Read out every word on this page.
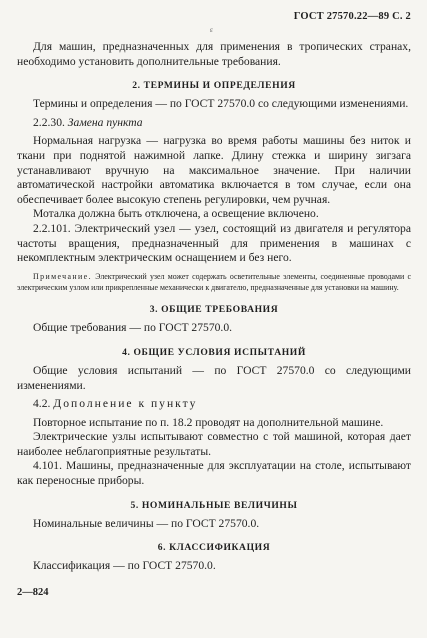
ГОСТ 27570.22—89 С. 2
ε

Для машин, предназначенных для применения в тропических странах, необходимо установить дополнительные требования.

2. ТЕРМИНЫ И ОПРЕДЕЛЕНИЯ

Термины и определения — по ГОСТ 27570.0 со следующими изменениями.

2.2.30. Замена пункта

Нормальная нагрузка — нагрузка во время работы машины без ниток и ткани при поднятой нажимной лапке. Длину стежка и ширину зигзага устанавливают вручную на максимальное значение. При наличии автоматической настройки автоматика включается в том случае, если она обеспечивает более высокую степень регулировки, чем ручная.

Моталка должна быть отключена, а освещение включено.

2.2.101. Электрический узел — узел, состоящий из двигателя и регулятора частоты вращения, предназначенный для применения в машинах с некомплектным электрическим оснащением и без него.

Примечание. Электрический узел может содержать осветительные элементы, соединенные проводами с электрическим узлом или прикрепленные механически к двигателю, предназначенные для установки на машину.
3. ОБЩИЕ ТРЕБОВАНИЯ

Общие требования — по ГОСТ 27570.0.

4. ОБЩИЕ УСЛОВИЯ ИСПЫТАНИЙ

Общие условия испытаний — по ГОСТ 27570.0 со следующими изменениями.

4.2. Дополнение к пункту

Повторное испытание по п. 18.2 проводят на дополнительной машине.

Электрические узлы испытывают совместно с той машиной, которая дает наиболее неблагоприятные результаты.

4.101. Машины, предназначенные для эксплуатации на столе, испытывают как переносные приборы.

5. НОМИНАЛЬНЫЕ ВЕЛИЧИНЫ

Номинальные величины — по ГОСТ 27570.0.

6. КЛАССИФИКАЦИЯ

Классификация — по ГОСТ 27570.0.

2—824
